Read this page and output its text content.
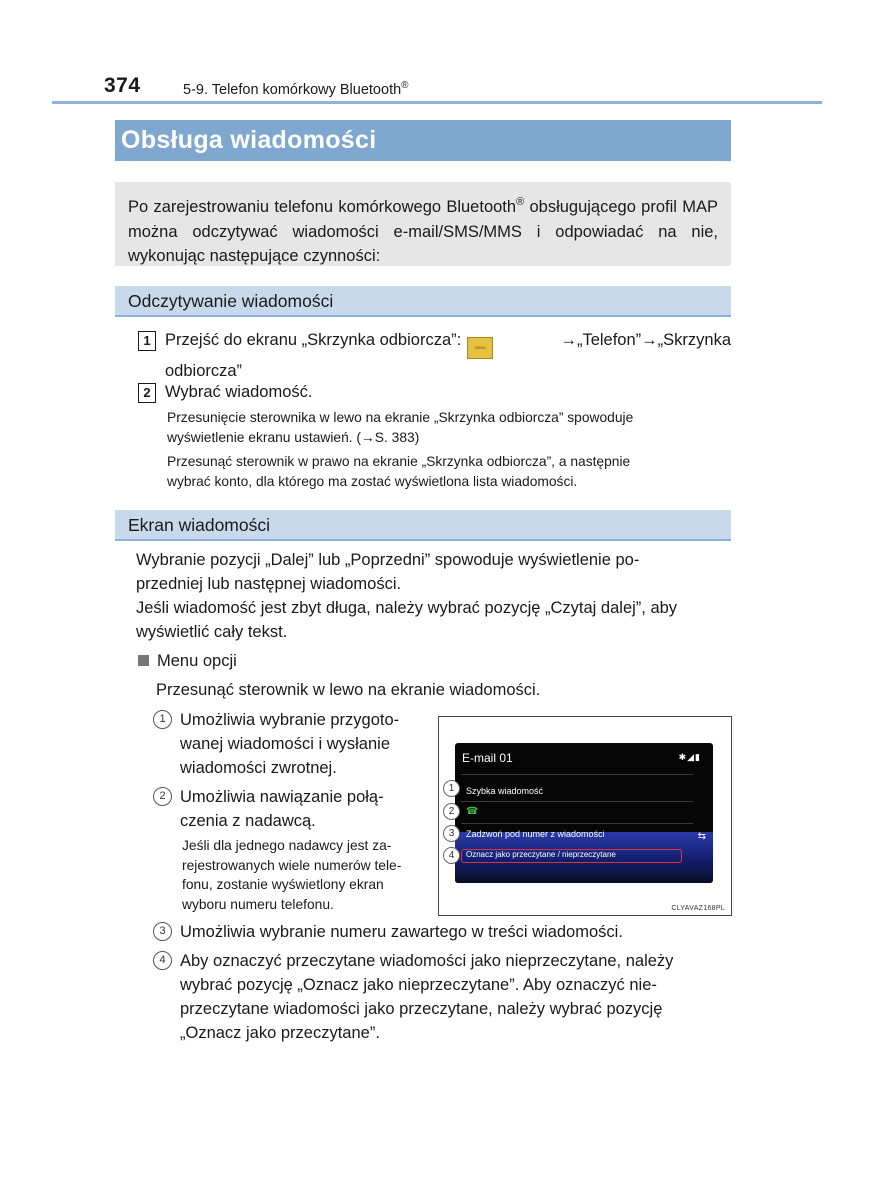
374	5-9. Telefon komórkowy Bluetooth®
Obsługa wiadomości

Po zarejestrowaniu telefonu komórkowego Bluetooth® obsługującego profil MAP można odczytywać wiadomości e-mail/SMS/MMS i odpowiadać na nie, wykonując następujące czynności:

Odczytywanie wiadomości
1 Przejść do ekranu „Skrzynka odbiorcza”:	MENU	→„Telefon”→„Skrzynka
odbiorcza”
2 Wybrać wiadomość.
Przesunięcie sterownika w lewo na ekranie „Skrzynka odbiorcza” spowoduje
wyświetlenie ekranu ustawień. (→S. 383)
Przesunąć sterownik w prawo na ekranie „Skrzynka odbiorcza”, a następnie
wybrać konto, dla którego ma zostać wyświetlona lista wiadomości.
Ekran wiadomości
Wybranie pozycji „Dalej” lub „Poprzedni” spowoduje wyświetlenie po-
przedniej lub następnej wiadomości.
Jeśli wiadomość jest zbyt długa, należy wybrać pozycję „Czytaj dalej”, aby
wyświetlić cały tekst.
Menu opcji
Przesunąć sterownik w lewo na ekranie wiadomości.
1 Umożliwia wybranie przygoto-
wanej wiadomości i wysłanie
wiadomości zwrotnej.
2 Umożliwia nawiązanie połą-
czenia z nadawcą.
Jeśli dla jednego nadawcy jest za-
rejestrowanych wiele numerów tele-
fonu, zostanie wyświetlony ekran
wyboru numeru telefonu.
E-mail 01	✱◢▮
Szybka wiadomość
☎
Zadzwoń pod numer z wiadomości
Oznacz jako przeczytane / nieprzeczytane
⇆
1
2
3
4
CLYAVAZ168PL
3 Umożliwia wybranie numeru zawartego w treści wiadomości.
4 Aby oznaczyć przeczytane wiadomości jako nieprzeczytane, należy
wybrać pozycję „Oznacz jako nieprzeczytane”. Aby oznaczyć nie-
przeczytane wiadomości jako przeczytane, należy wybrać pozycję
„Oznacz jako przeczytane”.
